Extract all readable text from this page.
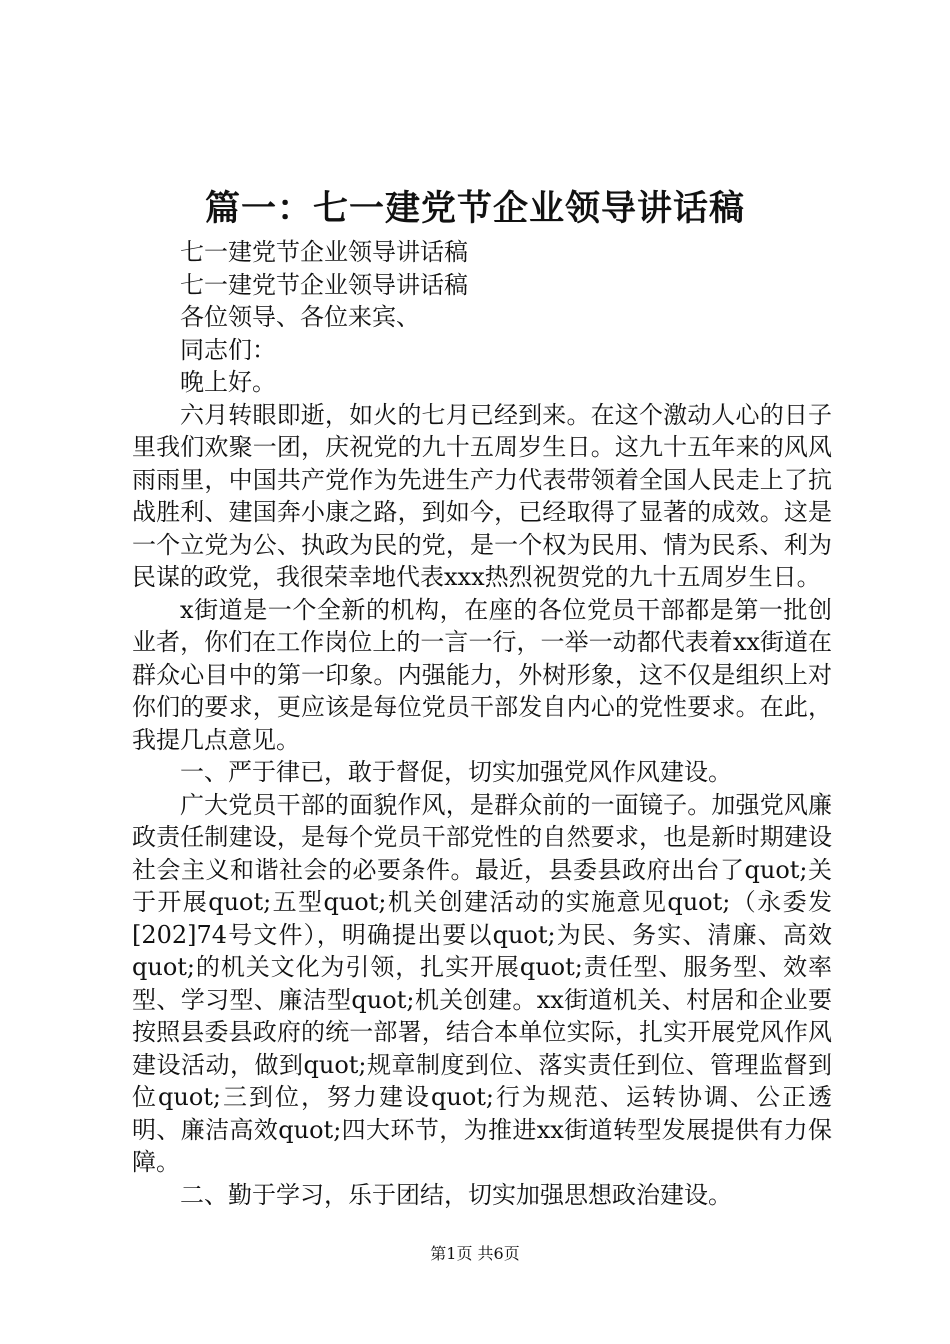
篇一：七一建党节企业领导讲话稿

七一建党节企业领导讲话稿

七一建党节企业领导讲话稿

各位领导、各位来宾、

同志们：

晚上好。

六月转眼即逝，如火的七月已经到来。在这个激动人心的日子里我们欢聚一团，庆祝党的九十五周岁生日。这九十五年来的风风雨雨里，中国共产党作为先进生产力代表带领着全国人民走上了抗战胜利、建国奔小康之路，到如今，已经取得了显著的成效。这是一个立党为公、执政为民的党，是一个权为民用、情为民系、利为民谋的政党，我很荣幸地代表xxx热烈祝贺党的九十五周岁生日。

x街道是一个全新的机构，在座的各位党员干部都是第一批创业者，你们在工作岗位上的一言一行，一举一动都代表着xx街道在群众心目中的第一印象。内强能力，外树形象，这不仅是组织上对你们的要求，更应该是每位党员干部发自内心的党性要求。在此，我提几点意见。

一、严于律已，敢于督促，切实加强党风作风建设。

广大党员干部的面貌作风，是群众前的一面镜子。加强党风廉政责任制建设，是每个党员干部党性的自然要求，也是新时期建设社会主义和谐社会的必要条件。最近，县委县政府出台了quot;关于开展quot;五型quot;机关创建活动的实施意见quot;（永委发[202]74号文件），明确提出要以quot;为民、务实、清廉、高效quot;的机关文化为引领，扎实开展quot;责任型、服务型、效率型、学习型、廉洁型quot;机关创建。xx街道机关、村居和企业要按照县委县政府的统一部署，结合本单位实际，扎实开展党风作风建设活动，做到quot;规章制度到位、落实责任到位、管理监督到位quot;三到位，努力建设quot;行为规范、运转协调、公正透明、廉洁高效quot;四大环节，为推进xx街道转型发展提供有力保障。

二、勤于学习，乐于团结，切实加强思想政治建设。

第1页 共6页
